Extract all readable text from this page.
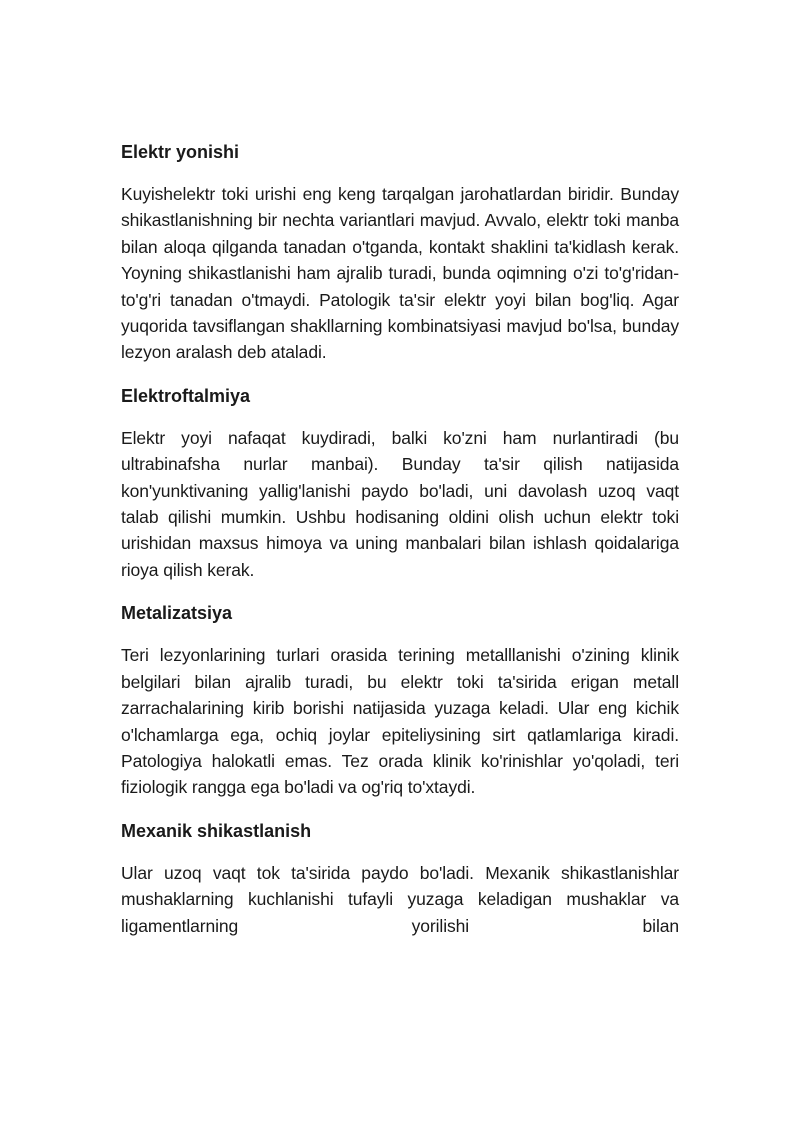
Elektr yonishi

Kuyishelektr toki urishi eng keng tarqalgan jarohatlardan biridir. Bunday shikastlanishning bir nechta variantlari mavjud. Avvalo, elektr toki manba bilan aloqa qilganda tanadan o'tganda, kontakt shaklini ta'kidlash kerak. Yoyning shikastlanishi ham ajralib turadi, bunda oqimning o'zi to'g'ridan-to'g'ri tanadan o'tmaydi. Patologik ta'sir elektr yoyi bilan bog'liq. Agar yuqorida tavsiflangan shakllarning kombinatsiyasi mavjud bo'lsa, bunday lezyon aralash deb ataladi.

Elektroftalmiya

Elektr yoyi nafaqat kuydiradi, balki ko'zni ham nurlantiradi (bu ultrabinafsha nurlar manbai). Bunday ta'sir qilish natijasida kon'yunktivaning yallig'lanishi paydo bo'ladi, uni davolash uzoq vaqt talab qilishi mumkin. Ushbu hodisaning oldini olish uchun elektr toki urishidan maxsus himoya va uning manbalari bilan ishlash qoidalariga rioya qilish kerak.

Metalizatsiya

Teri lezyonlarining turlari orasida terining metalllanishi o'zining klinik belgilari bilan ajralib turadi, bu elektr toki ta'sirida erigan metall zarrachalarining kirib borishi natijasida yuzaga keladi. Ular eng kichik o'lchamlarga ega, ochiq joylar epiteliysining sirt qatlamlariga kiradi. Patologiya halokatli emas. Tez orada klinik ko'rinishlar yo'qoladi, teri fiziologik rangga ega bo'ladi va og'riq to'xtaydi.

Mexanik shikastlanish

Ular uzoq vaqt tok ta'sirida paydo bo'ladi. Mexanik shikastlanishlar mushaklarning kuchlanishi tufayli yuzaga keladigan mushaklar va ligamentlarning yorilishi bilan
